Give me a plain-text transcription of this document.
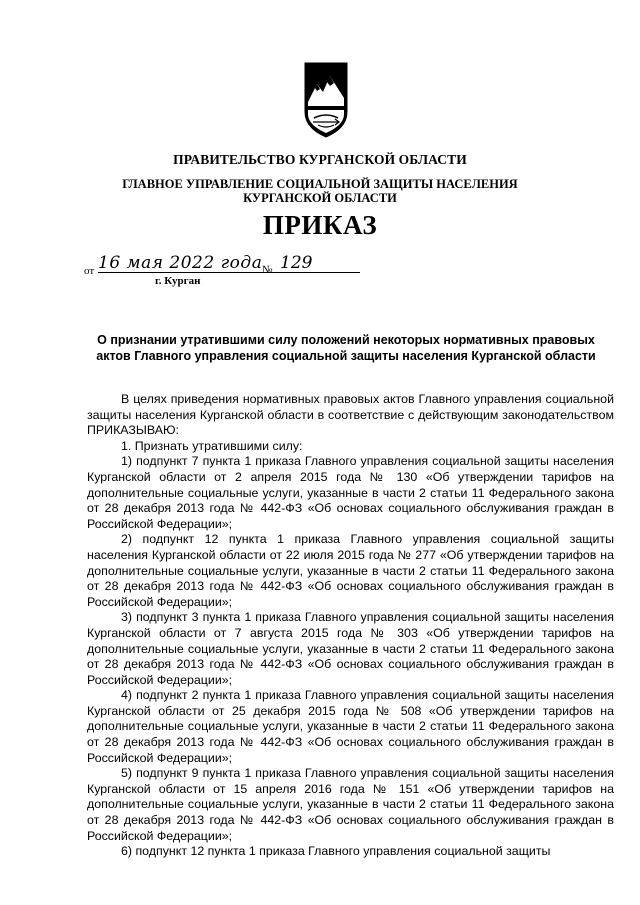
ПРАВИТЕЛЬСТВО КУРГАНСКОЙ ОБЛАСТИ

ГЛАВНОЕ УПРАВЛЕНИЕ СОЦИАЛЬНОЙ ЗАЩИТЫ НАСЕЛЕНИЯ

КУРГАНСКОЙ ОБЛАСТИ

ПРИКАЗ

от 16 мая 2022 года № 129
г. Курган
О признании утратившими силу положений некоторых нормативных правовых
актов Главного управления социальной защиты населения Курганской области

В целях приведения нормативных правовых актов Главного управления социальной защиты населения Курганской области в соответствие с действующим законодательством ПРИКАЗЫВАЮ:

1. Признать утратившими силу:

1) подпункт 7 пункта 1 приказа Главного управления социальной защиты населения Курганской области от 2 апреля 2015 года № 130 «Об утверждении тарифов на дополнительные социальные услуги, указанные в части 2 статьи 11 Федерального закона от 28 декабря 2013 года № 442-ФЗ «Об основах социального обслуживания граждан в Российской Федерации»;

2) подпункт 12 пункта 1 приказа Главного управления социальной защиты населения Курганской области от 22 июля 2015 года № 277 «Об утверждении тарифов на дополнительные социальные услуги, указанные в части 2 статьи 11 Федерального закона от 28 декабря 2013 года № 442-ФЗ «Об основах социального обслуживания граждан в Российской Федерации»;

3) подпункт 3 пункта 1 приказа Главного управления социальной защиты населения Курганской области от 7 августа 2015 года № 303 «Об утверждении тарифов на дополнительные социальные услуги, указанные в части 2 статьи 11 Федерального закона от 28 декабря 2013 года № 442-ФЗ «Об основах социального обслуживания граждан в Российской Федерации»;

4) подпункт 2 пункта 1 приказа Главного управления социальной защиты населения Курганской области от 25 декабря 2015 года № 508 «Об утверждении тарифов на дополнительные социальные услуги, указанные в части 2 статьи 11 Федерального закона от 28 декабря 2013 года № 442-ФЗ «Об основах социального обслуживания граждан в Российской Федерации»;

5) подпункт 9 пункта 1 приказа Главного управления социальной защиты населения Курганской области от 15 апреля 2016 года № 151 «Об утверждении тарифов на дополнительные социальные услуги, указанные в части 2 статьи 11 Федерального закона от 28 декабря 2013 года № 442-ФЗ «Об основах социального обслуживания граждан в Российской Федерации»;

6) подпункт 12 пункта 1 приказа Главного управления социальной защиты
